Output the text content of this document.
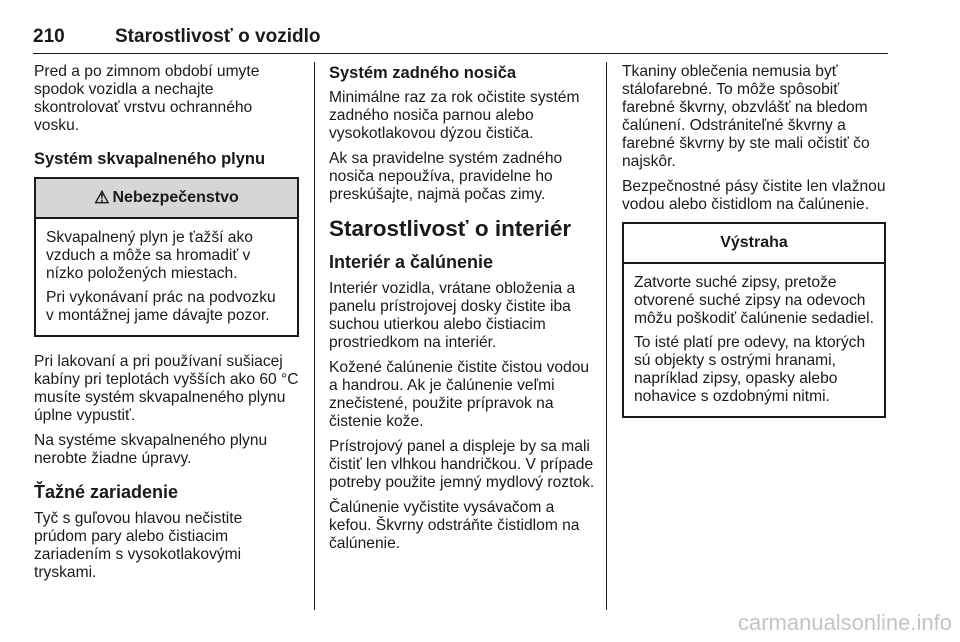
210	Starostlivosť o vozidlo

Pred a po zimnom období umyte spodok vozidla a nechajte skontrolovať vrstvu ochranného vosku.

Systém skvapalneného plynu
⚠ Nebezpečenstvo

Skvapalnený plyn je ťažší ako vzduch a môže sa hromadiť v nízko položených miestach.

Pri vykonávaní prác na podvozku v montážnej jame dávajte pozor.

Pri lakovaní a pri používaní sušiacej kabíny pri teplotách vyšších ako 60 °C musíte systém skvapalneného plynu úplne vypustiť.

Na systéme skvapalneného plynu nerobte žiadne úpravy.

Ťažné zariadenie

Tyč s guľovou hlavou nečistite prúdom pary alebo čistiacim zariadením s vysokotlakovými tryskami.

Systém zadného nosiča

Minimálne raz za rok očistite systém zadného nosiča parnou alebo vysokotlakovou dýzou čističa.

Ak sa pravidelne systém zadného nosiča nepoužíva, pravidelne ho preskúšajte, najmä počas zimy.

Starostlivosť o interiér
Interiér a čalúnenie

Interiér vozidla, vrátane obloženia a panelu prístrojovej dosky čistite iba suchou utierkou alebo čistiacim prostriedkom na interiér.

Kožené čalúnenie čistite čistou vodou a handrou. Ak je čalúnenie veľmi znečistené, použite prípravok na čistenie kože.

Prístrojový panel a displeje by sa mali čistiť len vlhkou handričkou. V prípade potreby použite jemný mydlový roztok.

Čalúnenie vyčistite vysávačom a kefou. Škvrny odstráňte čistidlom na čalúnenie.

Tkaniny oblečenia nemusia byť stálofarebné. To môže spôsobiť farebné škvrny, obzvlášť na bledom čalúnení. Odstrániteľné škvrny a farebné škvrny by ste mali očistiť čo najskôr.

Bezpečnostné pásy čistite len vlažnou vodou alebo čistidlom na čalúnenie.

Výstraha

Zatvorte suché zipsy, pretože otvorené suché zipsy na odevoch môžu poškodiť čalúnenie sedadiel.

To isté platí pre odevy, na ktorých sú objekty s ostrými hranami, napríklad zipsy, opasky alebo nohavice s ozdobnými nitmi.

carmanualsonline.info
